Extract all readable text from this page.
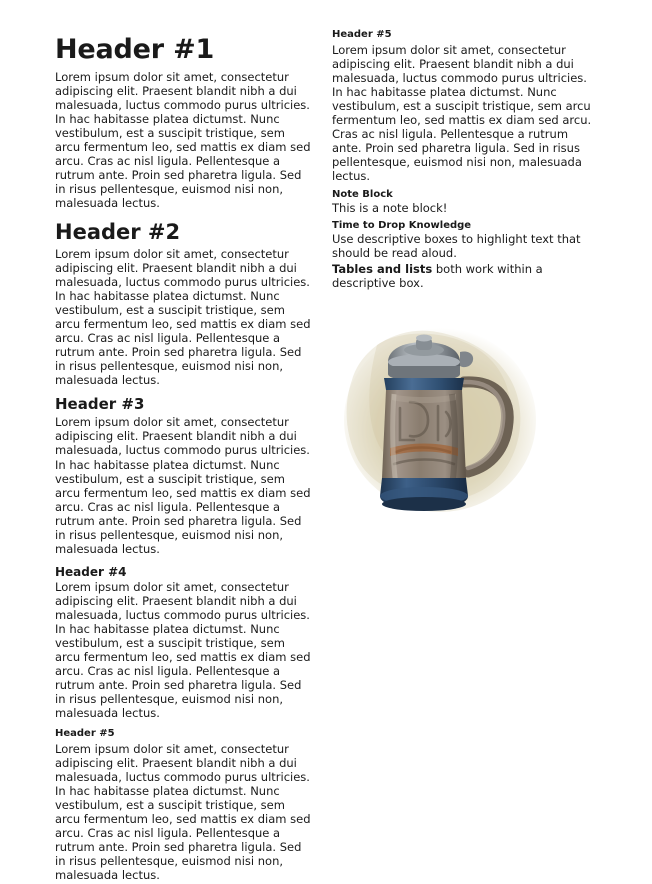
Header #1

Lorem ipsum dolor sit amet, consectetur adipiscing elit. Praesent blandit nibh a dui malesuada, luctus commodo purus ultricies. In hac habitasse platea dictumst. Nunc vestibulum, est a suscipit tristique, sem arcu fermentum leo, sed mattis ex diam sed arcu. Cras ac nisl ligula. Pellentesque a rutrum ante. Proin sed pharetra ligula. Sed in risus pellentesque, euismod nisi non, malesuada lectus.

Header #2

Lorem ipsum dolor sit amet, consectetur adipiscing elit. Praesent blandit nibh a dui malesuada, luctus commodo purus ultricies. In hac habitasse platea dictumst. Nunc vestibulum, est a suscipit tristique, sem arcu fermentum leo, sed mattis ex diam sed arcu. Cras ac nisl ligula. Pellentesque a rutrum ante. Proin sed pharetra ligula. Sed in risus pellentesque, euismod nisi non, malesuada lectus.

Header #3

Lorem ipsum dolor sit amet, consectetur adipiscing elit. Praesent blandit nibh a dui malesuada, luctus commodo purus ultricies. In hac habitasse platea dictumst. Nunc vestibulum, est a suscipit tristique, sem arcu fermentum leo, sed mattis ex diam sed arcu. Cras ac nisl ligula. Pellentesque a rutrum ante. Proin sed pharetra ligula. Sed in risus pellentesque, euismod nisi non, malesuada lectus.

Header #4

Lorem ipsum dolor sit amet, consectetur adipiscing elit. Praesent blandit nibh a dui malesuada, luctus commodo purus ultricies. In hac habitasse platea dictumst. Nunc vestibulum, est a suscipit tristique, sem arcu fermentum leo, sed mattis ex diam sed arcu. Cras ac nisl ligula. Pellentesque a rutrum ante. Proin sed pharetra ligula. Sed in risus pellentesque, euismod nisi non, malesuada lectus.

Header #5

Lorem ipsum dolor sit amet, consectetur adipiscing elit. Praesent blandit nibh a dui malesuada, luctus commodo purus ultricies. In hac habitasse platea dictumst. Nunc vestibulum, est a suscipit tristique, sem arcu fermentum leo, sed mattis ex diam sed arcu. Cras ac nisl ligula. Pellentesque a rutrum ante. Proin sed pharetra ligula. Sed in risus pellentesque, euismod nisi non, malesuada lectus.

Header #5

Lorem ipsum dolor sit amet, consectetur adipiscing elit. Praesent blandit nibh a dui malesuada, luctus commodo purus ultricies. In hac habitasse platea dictumst. Nunc vestibulum, est a suscipit tristique, sem arcu fermentum leo, sed mattis ex diam sed arcu. Cras ac nisl ligula. Pellentesque a rutrum ante. Proin sed pharetra ligula. Sed in risus pellentesque, euismod nisi non, malesuada lectus.

Note Block
This is a note block!
Time to Drop Knowledge
Use descriptive boxes to highlight text that should be read aloud.
Tables and lists both work within a descriptive box.
